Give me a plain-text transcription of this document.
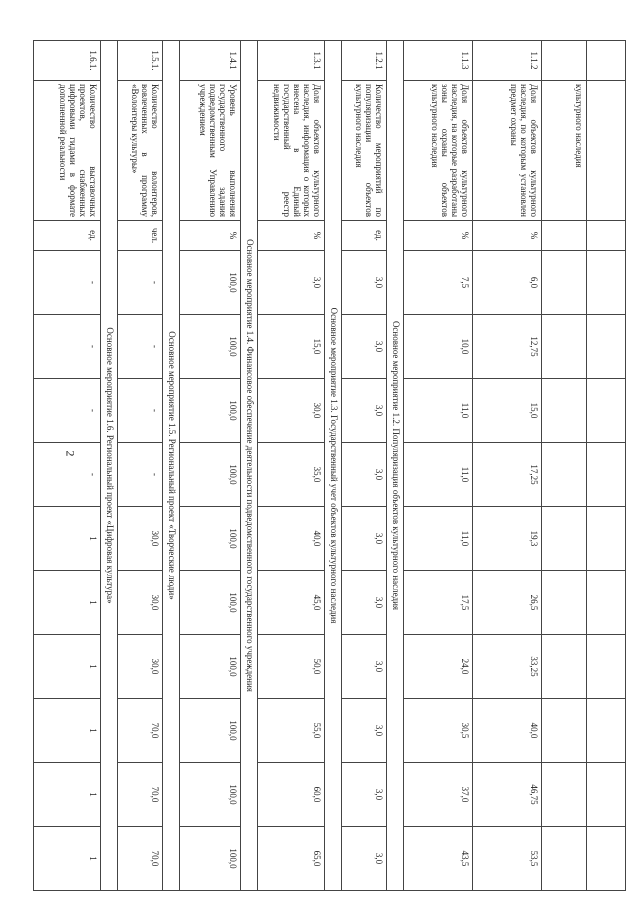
2

	культурного наследия											
1.1.2	Доля объектов культурного наследия, по которым установлен предмет охраны	%	6,0	12,75	15,0	17,25	19,3	26,5	33,25	40,0	46,75	53,5
1.1.3	Доля объектов культурного наследия, на которые разработаны зоны охраны объектов культурного наследия	%	7,5	10,0	11,0	11,0	11,0	17,5	24,0	30,5	37,0	43,5
Основное мероприятие 1.2. Популяризация объектов культурного наследия												
1.2.1	Количество мероприятий по популяризации объектов культурного наследия	ед.	3,0	3,0	3,0	3,0	3,0	3,0	3,0	3,0	3,0	3,0
Основное мероприятие 1.3. Государственный учет объектов культурного наследия												
1.3.1	Доля объектов культурного наследия, информация о которых внесена в Единый государственный реестр недвижимости	%	3,0	15,0	30,0	35,0	40,0	45,0	50,0	55,0	60,0	65,0
Основное мероприятие 1.4. Финансовое обеспечение деятельности подведомственного государственного учреждения												
1.4.1	Уровень выполнения государственного задания подведомственным Управлению учреждением	%	100,0	100,0	100,0	100,0	100,0	100,0	100,0	100,0	100,0	100,0
Основное мероприятие 1.5. Региональный проект «Творческие люди»												
1.5.1.	Количество волонтеров, вовлеченных в программу «Волонтеры культуры»	чел.	-	-	-	-	30,0	30,0	30,0	70,0	70,0	70,0
Основное мероприятие 1.6. Региональный проект «Цифровая культура»												
1.6.1.	Количество выставочных проектов, снабженных цифровыми гидами в формате дополненной реальности	ед.	-	-	-	-	1	1	1	1	1	1
